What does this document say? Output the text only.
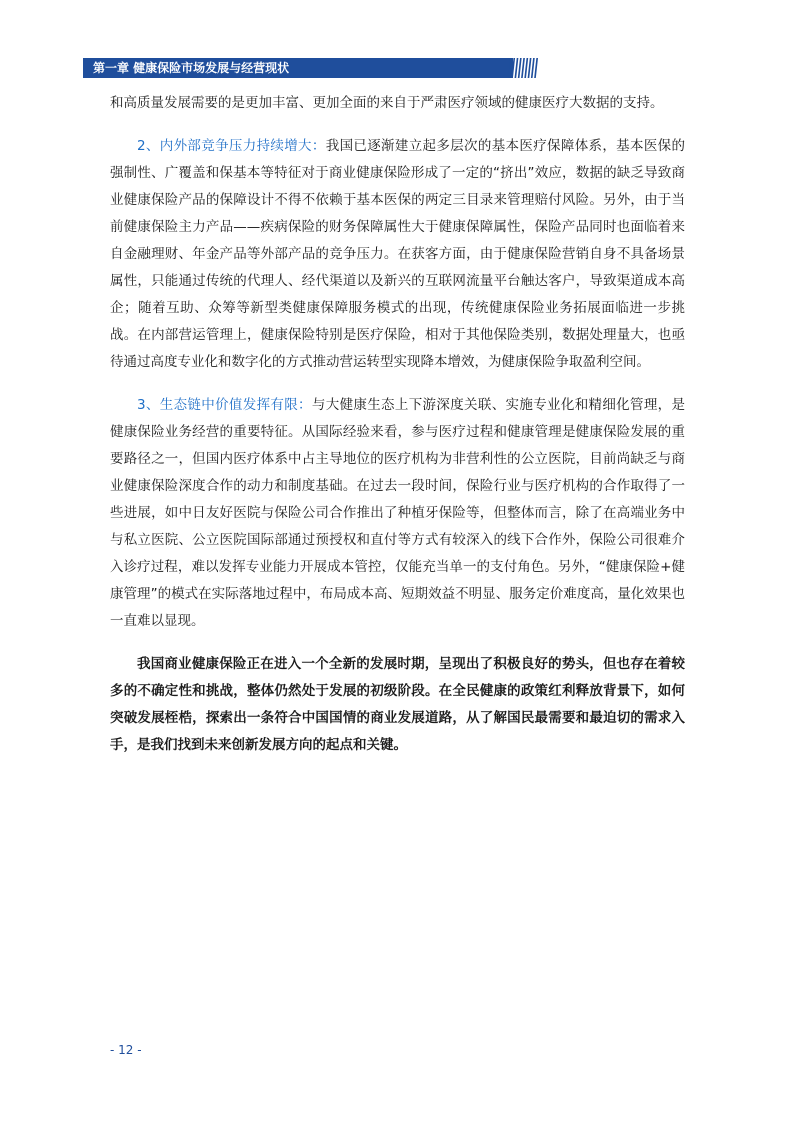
第一章 健康保险市场发展与经营现状

和高质量发展需要的是更加丰富、更加全面的来自于严肃医疗领域的健康医疗大数据的支持。

2、内外部竞争压力持续增大：我国已逐渐建立起多层次的基本医疗保障体系，基本医保的强制性、广覆盖和保基本等特征对于商业健康保险形成了一定的“挤出”效应，数据的缺乏导致商业健康保险产品的保障设计不得不依赖于基本医保的两定三目录来管理赔付风险。另外，由于当前健康保险主力产品——疾病保险的财务保障属性大于健康保障属性，保险产品同时也面临着来自金融理财、年金产品等外部产品的竞争压力。在获客方面，由于健康保险营销自身不具备场景属性，只能通过传统的代理人、经代渠道以及新兴的互联网流量平台触达客户，导致渠道成本高企；随着互助、众筹等新型类健康保障服务模式的出现，传统健康保险业务拓展面临进一步挑战。在内部营运管理上，健康保险特别是医疗保险，相对于其他保险类别，数据处理量大，也亟待通过高度专业化和数字化的方式推动营运转型实现降本增效，为健康保险争取盈利空间。

3、生态链中价值发挥有限：与大健康生态上下游深度关联、实施专业化和精细化管理，是健康保险业务经营的重要特征。从国际经验来看，参与医疗过程和健康管理是健康保险发展的重要路径之一，但国内医疗体系中占主导地位的医疗机构为非营利性的公立医院，目前尚缺乏与商业健康保险深度合作的动力和制度基础。在过去一段时间，保险行业与医疗机构的合作取得了一些进展，如中日友好医院与保险公司合作推出了种植牙保险等，但整体而言，除了在高端业务中与私立医院、公立医院国际部通过预授权和直付等方式有较深入的线下合作外，保险公司很难介入诊疗过程，难以发挥专业能力开展成本管控，仅能充当单一的支付角色。另外，“健康保险+健康管理”的模式在实际落地过程中，布局成本高、短期效益不明显、服务定价难度高，量化效果也一直难以显现。

我国商业健康保险正在进入一个全新的发展时期，呈现出了积极良好的势头，但也存在着较多的不确定性和挑战，整体仍然处于发展的初级阶段。在全民健康的政策红利释放背景下，如何突破发展桎梏，探索出一条符合中国国情的商业发展道路，从了解国民最需要和最迫切的需求入手，是我们找到未来创新发展方向的起点和关键。

- 12 -
